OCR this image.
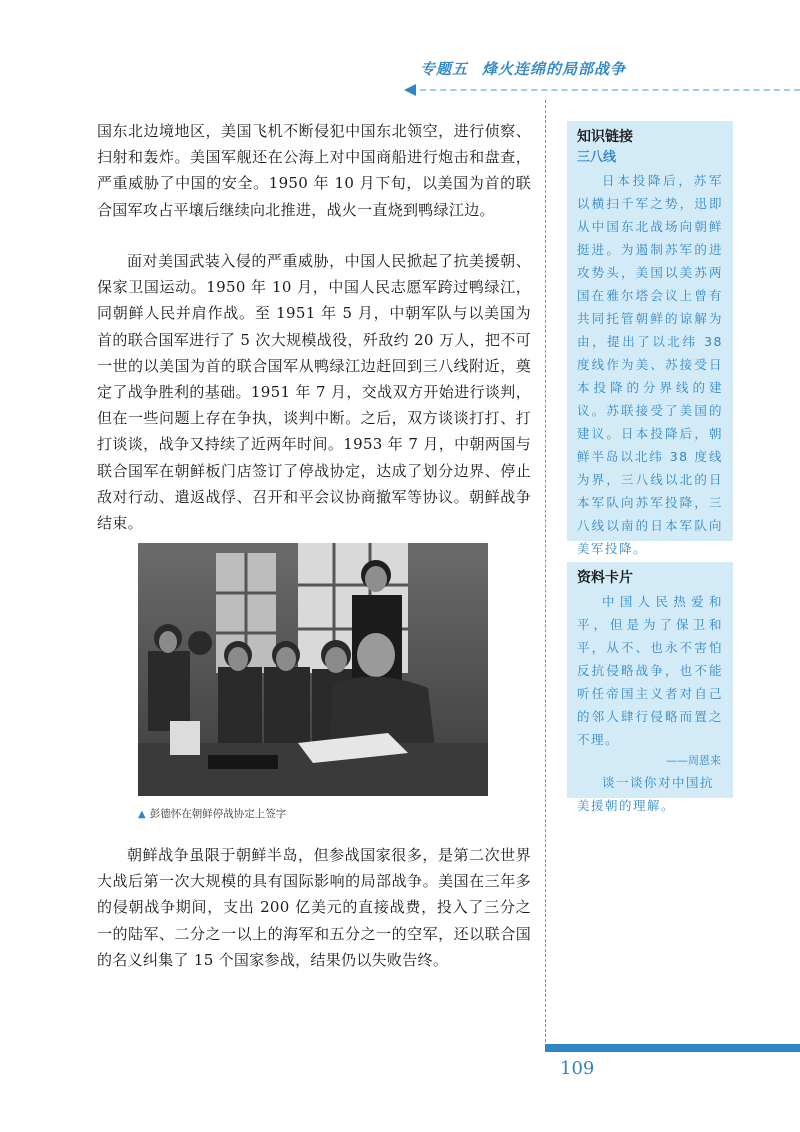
专题五 烽火连绵的局部战争

国东北边境地区，美国飞机不断侵犯中国东北领空，进行侦察、扫射和轰炸。美国军舰还在公海上对中国商船进行炮击和盘查，严重威胁了中国的安全。1950 年 10 月下旬，以美国为首的联合国军攻占平壤后继续向北推进，战火一直烧到鸭绿江边。

面对美国武装入侵的严重威胁，中国人民掀起了抗美援朝、保家卫国运动。1950 年 10 月，中国人民志愿军跨过鸭绿江，同朝鲜人民并肩作战。至 1951 年 5 月，中朝军队与以美国为首的联合国军进行了 5 次大规模战役，歼敌约 20 万人，把不可一世的以美国为首的联合国军从鸭绿江边赶回到三八线附近，奠定了战争胜利的基础。1951 年 7 月，交战双方开始进行谈判，但在一些问题上存在争执，谈判中断。之后，双方谈谈打打、打打谈谈，战争又持续了近两年时间。1953 年 7 月，中朝两国与联合国军在朝鲜板门店签订了停战协定，达成了划分边界、停止敌对行动、遣返战俘、召开和平会议协商撤军等协议。朝鲜战争结束。

▲ 彭德怀在朝鲜停战协定上签字

朝鲜战争虽限于朝鲜半岛，但参战国家很多，是第二次世界大战后第一次大规模的具有国际影响的局部战争。美国在三年多的侵朝战争期间，支出 200 亿美元的直接战费，投入了三分之一的陆军、二分之一以上的海军和五分之一的空军，还以联合国的名义纠集了 15 个国家参战，结果仍以失败告终。

知识链接

三八线

日本投降后，苏军以横扫千军之势，迅即从中国东北战场向朝鲜挺进。为遏制苏军的进攻势头，美国以美苏两国在雅尔塔会议上曾有共同托管朝鲜的谅解为由，提出了以北纬 38 度线作为美、苏接受日本投降的分界线的建议。苏联接受了美国的建议。日本投降后，朝鲜半岛以北纬 38 度线为界，三八线以北的日本军队向苏军投降，三八线以南的日本军队向美军投降。

资料卡片

中国人民热爱和平，但是为了保卫和平，从不、也永不害怕反抗侵略战争，也不能听任帝国主义者对自己的邻人肆行侵略而置之不理。

——周恩来

谈一谈你对中国抗美援朝的理解。

109
